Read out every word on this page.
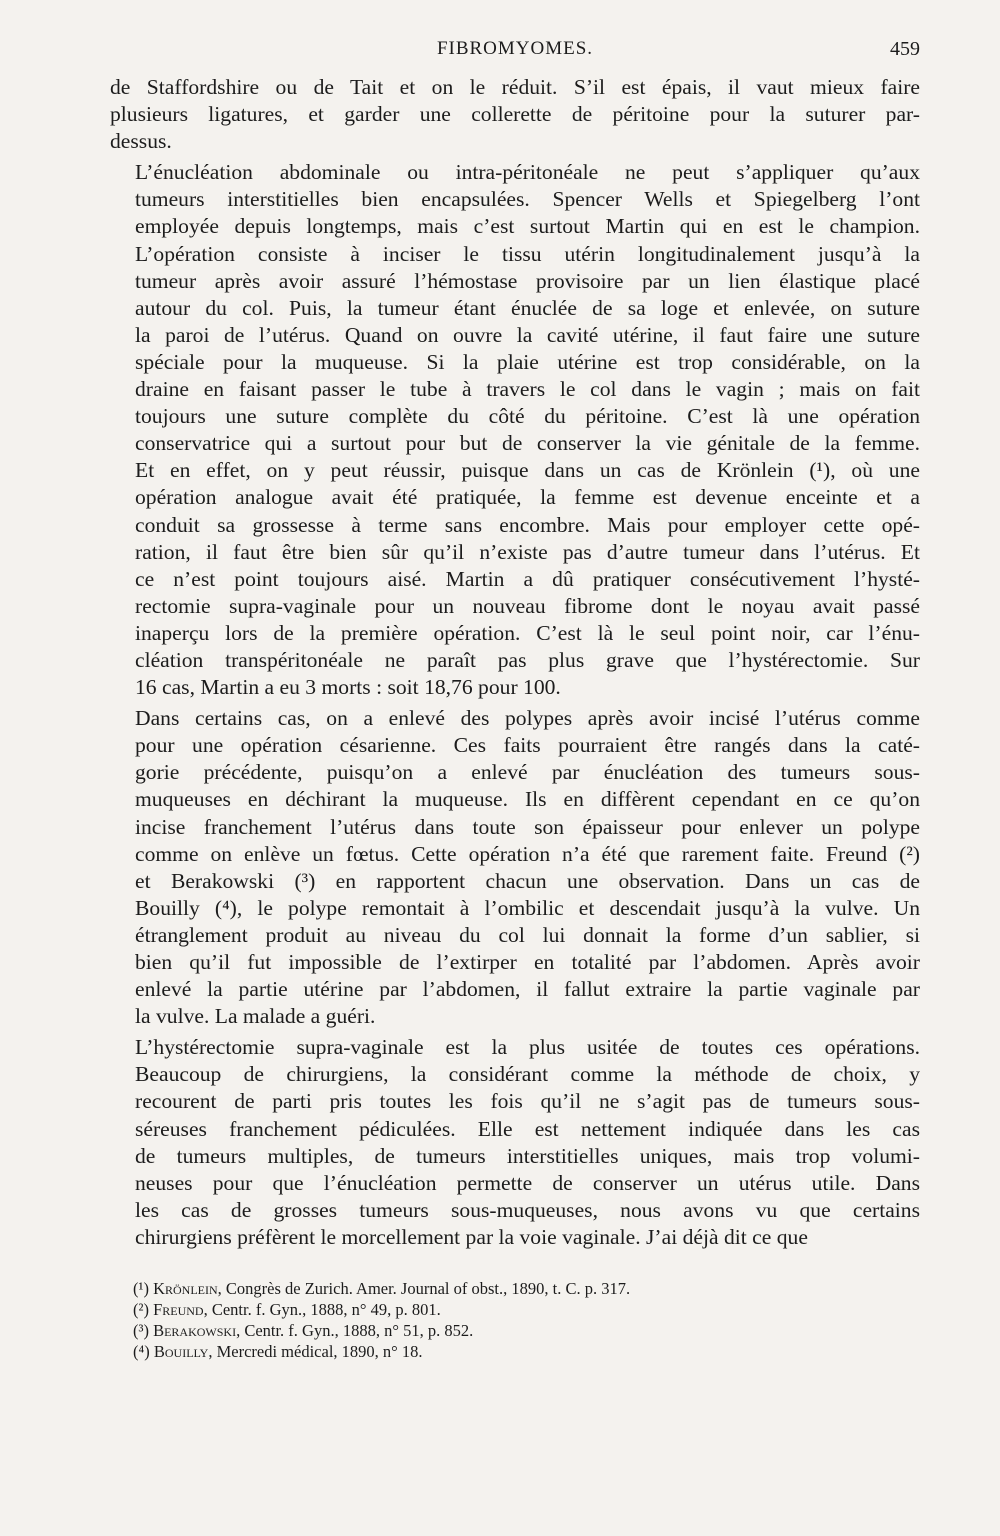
FIBROMYOMES.	459

de Staffordshire ou de Tait et on le réduit. S’il est épais, il vaut mieux faire
plusieurs ligatures, et garder une collerette de péritoine pour la suturer par-
dessus.

L’énucléation abdominale ou intra-péritonéale ne peut s’appliquer qu’aux
tumeurs interstitielles bien encapsulées. Spencer Wells et Spiegelberg l’ont
employée depuis longtemps, mais c’est surtout Martin qui en est le champion.
L’opération consiste à inciser le tissu utérin longitudinalement jusqu’à la
tumeur après avoir assuré l’hémostase provisoire par un lien élastique placé
autour du col. Puis, la tumeur étant énuclée de sa loge et enlevée, on suture
la paroi de l’utérus. Quand on ouvre la cavité utérine, il faut faire une suture
spéciale pour la muqueuse. Si la plaie utérine est trop considérable, on la
draine en faisant passer le tube à travers le col dans le vagin ; mais on fait
toujours une suture complète du côté du péritoine. C’est là une opération
conservatrice qui a surtout pour but de conserver la vie génitale de la femme.
Et en effet, on y peut réussir, puisque dans un cas de Krönlein (¹), où une
opération analogue avait été pratiquée, la femme est devenue enceinte et a
conduit sa grossesse à terme sans encombre. Mais pour employer cette opé-
ration, il faut être bien sûr qu’il n’existe pas d’autre tumeur dans l’utérus. Et
ce n’est point toujours aisé. Martin a dû pratiquer consécutivement l’hysté-
rectomie supra-vaginale pour un nouveau fibrome dont le noyau avait passé
inaperçu lors de la première opération. C’est là le seul point noir, car l’énu-
cléation transpéritonéale ne paraît pas plus grave que l’hystérectomie. Sur
16 cas, Martin a eu 3 morts : soit 18,76 pour 100.

Dans certains cas, on a enlevé des polypes après avoir incisé l’utérus comme
pour une opération césarienne. Ces faits pourraient être rangés dans la caté-
gorie précédente, puisqu’on a enlevé par énucléation des tumeurs sous-
muqueuses en déchirant la muqueuse. Ils en diffèrent cependant en ce qu’on
incise franchement l’utérus dans toute son épaisseur pour enlever un polype
comme on enlève un fœtus. Cette opération n’a été que rarement faite. Freund (²)
et Berakowski (³) en rapportent chacun une observation. Dans un cas de
Bouilly (⁴), le polype remontait à l’ombilic et descendait jusqu’à la vulve. Un
étranglement produit au niveau du col lui donnait la forme d’un sablier, si
bien qu’il fut impossible de l’extirper en totalité par l’abdomen. Après avoir
enlevé la partie utérine par l’abdomen, il fallut extraire la partie vaginale par
la vulve. La malade a guéri.

L’hystérectomie supra-vaginale est la plus usitée de toutes ces opérations.
Beaucoup de chirurgiens, la considérant comme la méthode de choix, y
recourent de parti pris toutes les fois qu’il ne s’agit pas de tumeurs sous-
séreuses franchement pédiculées. Elle est nettement indiquée dans les cas
de tumeurs multiples, de tumeurs interstitielles uniques, mais trop volumi-
neuses pour que l’énucléation permette de conserver un utérus utile. Dans
les cas de grosses tumeurs sous-muqueuses, nous avons vu que certains
chirurgiens préfèrent le morcellement par la voie vaginale. J’ai déjà dit ce que

(¹) Krönlein, Congrès de Zurich. Amer. Journal of obst., 1890, t. C. p. 317.
(²) Freund, Centr. f. Gyn., 1888, n° 49, p. 801.
(³) Berakowski, Centr. f. Gyn., 1888, n° 51, p. 852.
(⁴) Bouilly, Mercredi médical, 1890, n° 18.
